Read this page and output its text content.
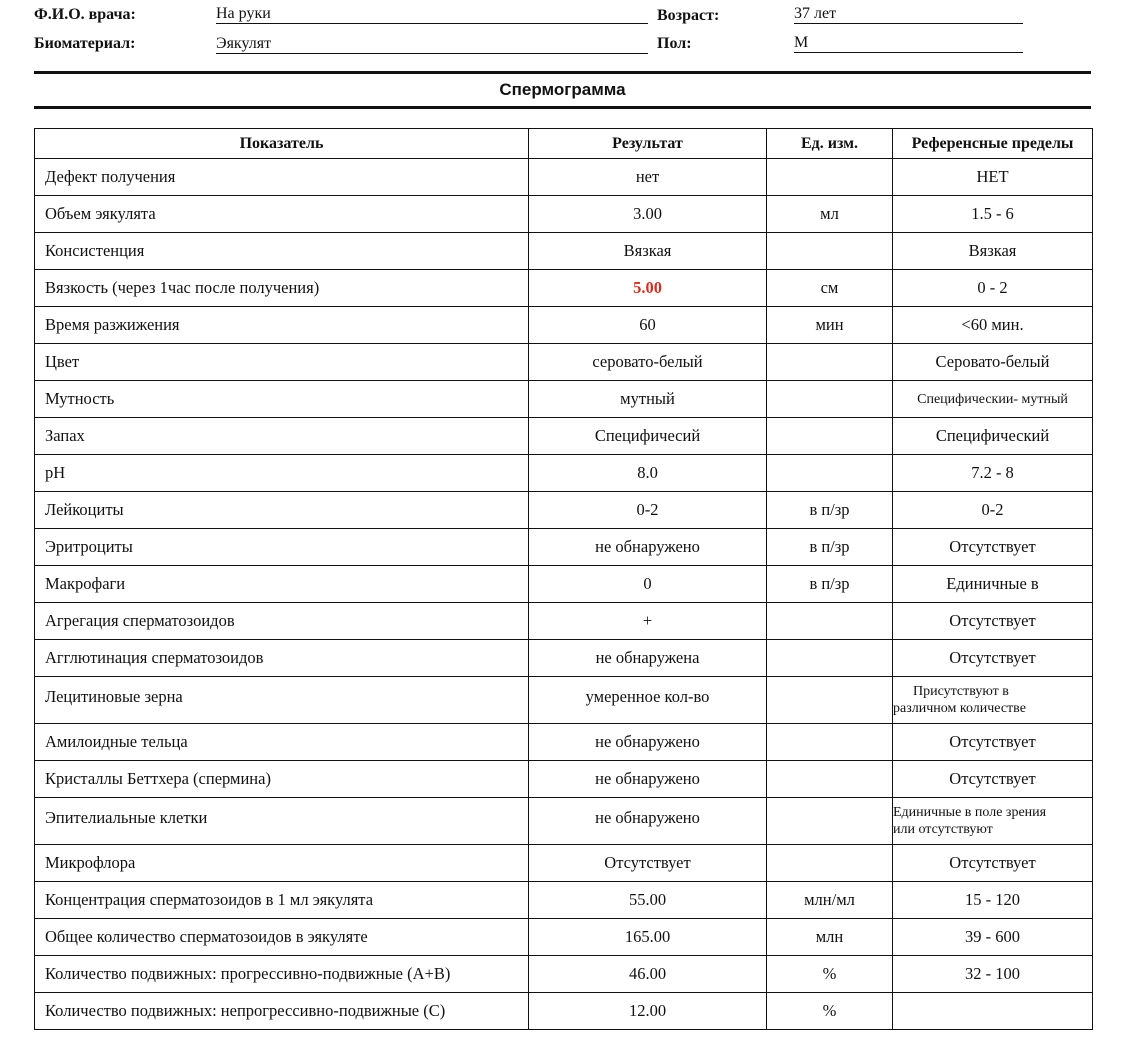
Ф.И.О. врача:	На руки
Биоматериал:	Эякулят
Возраст:	37 лет
Пол:	М
Спермограмма
Показатель	Результат	Ед. изм.	Референсные пределы
Дефект получения	нет		НЕТ
Объем эякулята	3.00	мл	1.5 - 6
Консистенция	Вязкая		Вязкая
Вязкость (через 1час после получения)	5.00	см	0 - 2
Время разжижения	60	мин	<60 мин.
Цвет	серовато-белый		Серовато-белый
Мутность	мутный		Специфическии- мутный
Запах	Специфичесий		Специфический
pH	8.0		7.2 - 8
Лейкоциты	0-2	в п/зр	0-2
Эритроциты	не обнаружено	в п/зр	Отсутствует
Макрофаги	0	в п/зр	Единичные в
Агрегация сперматозоидов	+		Отсутствует
Агглютинация сперматозоидов	не обнаружена		Отсутствует
Лецитиновые зерна	умеренное кол-во		Присутствуют в
различном количестве

Амилоидные тельца	не обнаружено		Отсутствует
Кристаллы Беттхера (спермина)	не обнаружено		Отсутствует
Эпителиальные клетки	не обнаружено		Единичные в поле зрения
или отсутствуют

Микрофлора	Отсутствует		Отсутствует
Концентрация сперматозоидов в 1 мл эякулята	55.00	млн/мл	15 - 120
Общее количество сперматозоидов в эякуляте	165.00	млн	39 - 600
Количество подвижных: прогрессивно-подвижные (А+В)	46.00	%	32 - 100
Количество подвижных: непрогрессивно-подвижные (С)	12.00	%	
